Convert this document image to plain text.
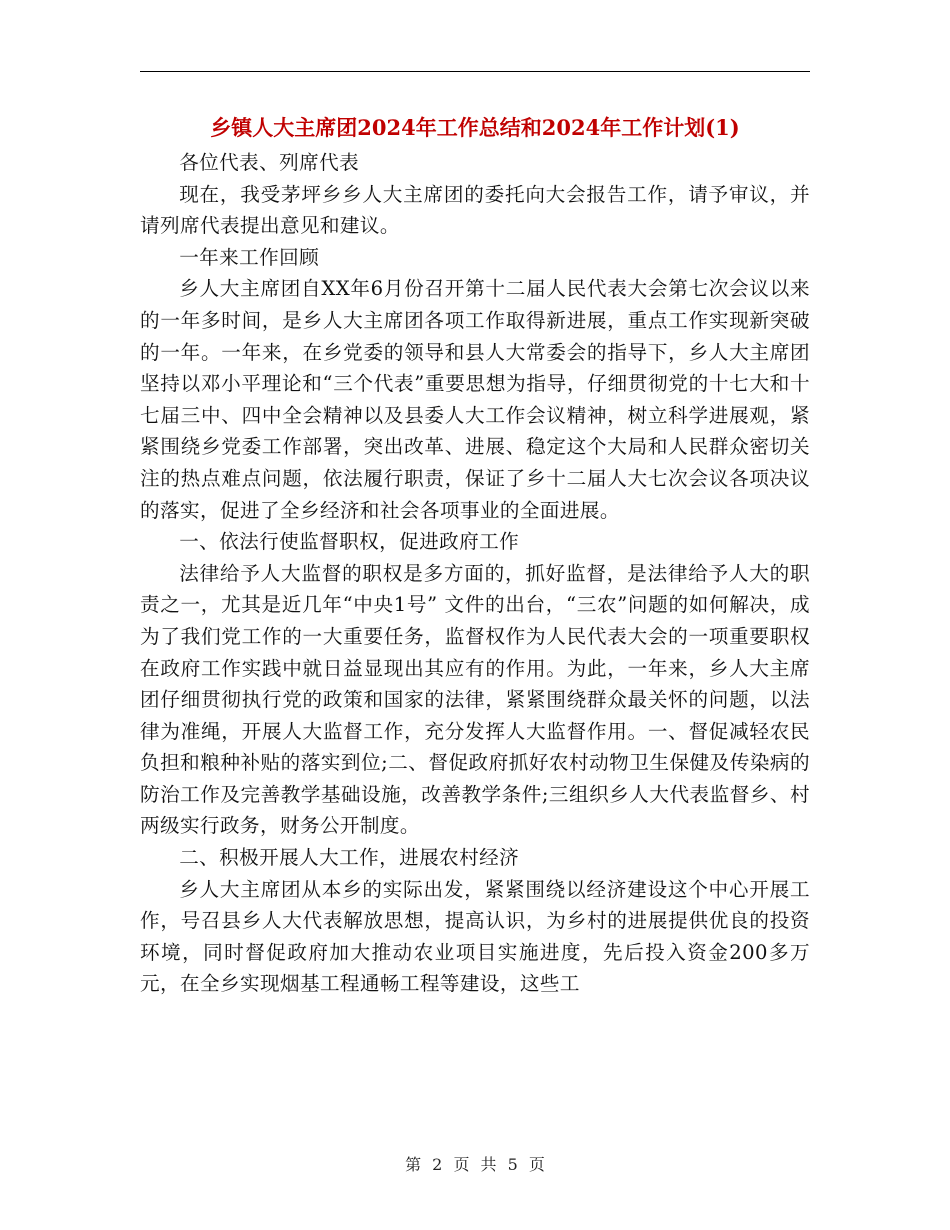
乡镇人大主席团2024年工作总结和2024年工作计划(1)

各位代表、列席代表

现在，我受茅坪乡乡人大主席团的委托向大会报告工作，请予审议，并请列席代表提出意见和建议。

一年来工作回顾

乡人大主席团自XX年6月份召开第十二届人民代表大会第七次会议以来的一年多时间，是乡人大主席团各项工作取得新进展，重点工作实现新突破的一年。一年来，在乡党委的领导和县人大常委会的指导下，乡人大主席团坚持以邓小平理论和“三个代表”重要思想为指导，仔细贯彻党的十七大和十七届三中、四中全会精神以及县委人大工作会议精神，树立科学进展观，紧紧围绕乡党委工作部署，突出改革、进展、稳定这个大局和人民群众密切关注的热点难点问题，依法履行职责，保证了乡十二届人大七次会议各项决议的落实，促进了全乡经济和社会各项事业的全面进展。

一、依法行使监督职权，促进政府工作

法律给予人大监督的职权是多方面的，抓好监督，是法律给予人大的职责之一，尤其是近几年“中央1号” 文件的出台，“三农”问题的如何解决，成为了我们党工作的一大重要任务，监督权作为人民代表大会的一项重要职权在政府工作实践中就日益显现出其应有的作用。为此，一年来，乡人大主席团仔细贯彻执行党的政策和国家的法律，紧紧围绕群众最关怀的问题，以法律为准绳，开展人大监督工作，充分发挥人大监督作用。一、督促减轻农民负担和粮种补贴的落实到位;二、督促政府抓好农村动物卫生保健及传染病的防治工作及完善教学基础设施，改善教学条件;三组织乡人大代表监督乡、村两级实行政务，财务公开制度。

二、积极开展人大工作，进展农村经济

乡人大主席团从本乡的实际出发，紧紧围绕以经济建设这个中心开展工作，号召县乡人大代表解放思想，提高认识，为乡村的进展提供优良的投资环境，同时督促政府加大推动农业项目实施进度，先后投入资金200多万元，在全乡实现烟基工程通畅工程等建设，这些工

第 2 页 共 5 页
